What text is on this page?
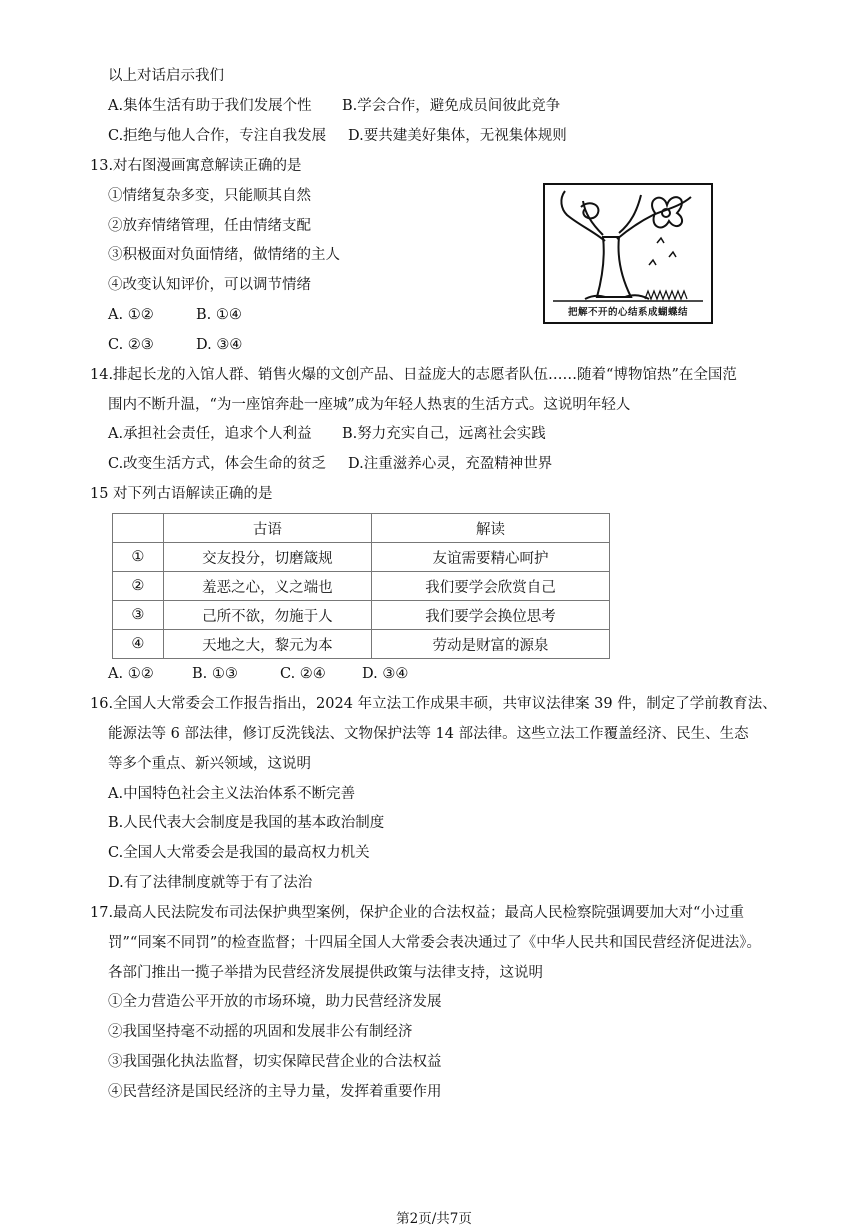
以上对话启示我们
A.集体生活有助于我们发展个性 B.学会合作，避免成员间彼此竞争
C.拒绝与他人合作，专注自我发展 D.要共建美好集体，无视集体规则
13.对右图漫画寓意解读正确的是
①情绪复杂多变，只能顺其自然
②放弃情绪管理，任由情绪支配
③积极面对负面情绪，做情绪的主人
④改变认知评价，可以调节情绪
A. ①②	B. ①④
C. ②③	D. ③④
把解不开的心结系成蝴蝶结
14.排起长龙的入馆人群、销售火爆的文创产品、日益庞大的志愿者队伍……随着“博物馆热”在全国范
围内不断升温，“为一座馆奔赴一座城”成为年轻人热衷的生活方式。这说明年轻人
A.承担社会责任，追求个人利益 B.努力充实自己，远离社会实践
C.改变生活方式，体会生命的贫乏 D.注重滋养心灵，充盈精神世界
15 对下列古语解读正确的是
	古语	解读
①	交友投分，切磨箴规	友谊需要精心呵护
②	羞恶之心，义之端也	我们要学会欣赏自己
③	己所不欲，勿施于人	我们要学会换位思考
④	天地之大，黎元为本	劳动是财富的源泉
A. ①②	B. ①③	C. ②④ D. ③④
16.全国人大常委会工作报告指出，2024 年立法工作成果丰硕，共审议法律案 39 件，制定了学前教育法、
能源法等 6 部法律，修订反洗钱法、文物保护法等 14 部法律。这些立法工作覆盖经济、民生、生态
等多个重点、新兴领域，这说明
A.中国特色社会主义法治体系不断完善
B.人民代表大会制度是我国的基本政治制度
C.全国人大常委会是我国的最高权力机关
D.有了法律制度就等于有了法治
17.最高人民法院发布司法保护典型案例，保护企业的合法权益；最高人民检察院强调要加大对“小过重
罚”“同案不同罚”的检查监督；十四届全国人大常委会表决通过了《中华人民共和国民营经济促进法》。
各部门推出一揽子举措为民营经济发展提供政策与法律支持，这说明
①全力营造公平开放的市场环境，助力民营经济发展
②我国坚持毫不动摇的巩固和发展非公有制经济
③我国强化执法监督，切实保障民营企业的合法权益
④民营经济是国民经济的主导力量，发挥着重要作用
第2页/共7页
